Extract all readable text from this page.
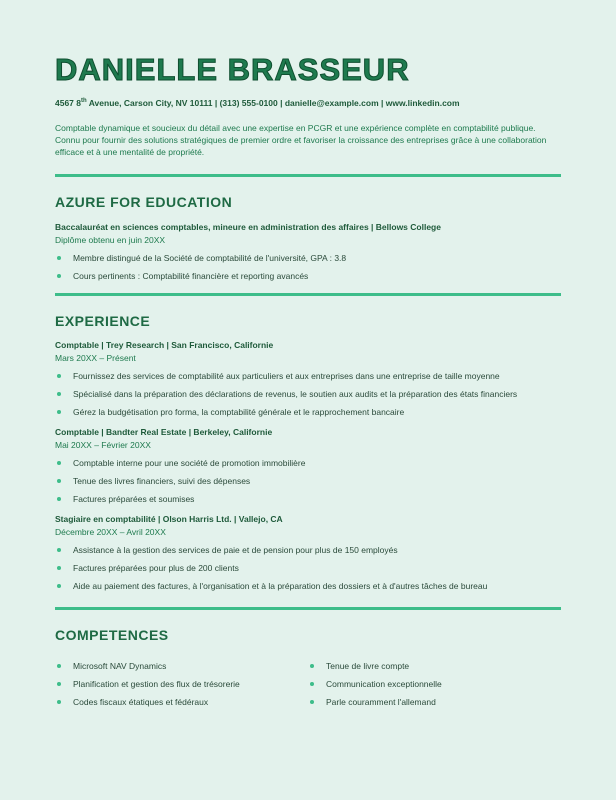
DANIELLE BRASSEUR
4567 8th Avenue, Carson City, NV 10111 | (313) 555-0100 | danielle@example.com | www.linkedin.com
Comptable dynamique et soucieux du détail avec une expertise en PCGR et une expérience complète en comptabilité publique. Connu pour fournir des solutions stratégiques de premier ordre et favoriser la croissance des entreprises grâce à une collaboration efficace et à une mentalité de propriété.
AZURE FOR EDUCATION
Baccalauréat en sciences comptables, mineure en administration des affaires | Bellows College
Diplôme obtenu en juin 20XX
Membre distingué de la Société de comptabilité de l'université, GPA : 3.8
Cours pertinents : Comptabilité financière et reporting avancés
EXPERIENCE
Comptable | Trey Research | San Francisco, Californie
Mars 20XX – Présent
Fournissez des services de comptabilité aux particuliers et aux entreprises dans une entreprise de taille moyenne
Spécialisé dans la préparation des déclarations de revenus, le soutien aux audits et la préparation des états financiers
Gérez la budgétisation pro forma, la comptabilité générale et le rapprochement bancaire
Comptable | Bandter Real Estate | Berkeley, Californie
Mai 20XX – Février 20XX
Comptable interne pour une société de promotion immobilière
Tenue des livres financiers, suivi des dépenses
Factures préparées et soumises
Stagiaire en comptabilité | Olson Harris Ltd. | Vallejo, CA
Décembre 20XX – Avril 20XX
Assistance à la gestion des services de paie et de pension pour plus de 150 employés
Factures préparées pour plus de 200 clients
Aide au paiement des factures, à l'organisation et à la préparation des dossiers et à d'autres tâches de bureau
COMPETENCES
Microsoft NAV Dynamics
Planification et gestion des flux de trésorerie
Codes fiscaux étatiques et fédéraux
Tenue de livre compte
Communication exceptionnelle
Parle couramment l'allemand
